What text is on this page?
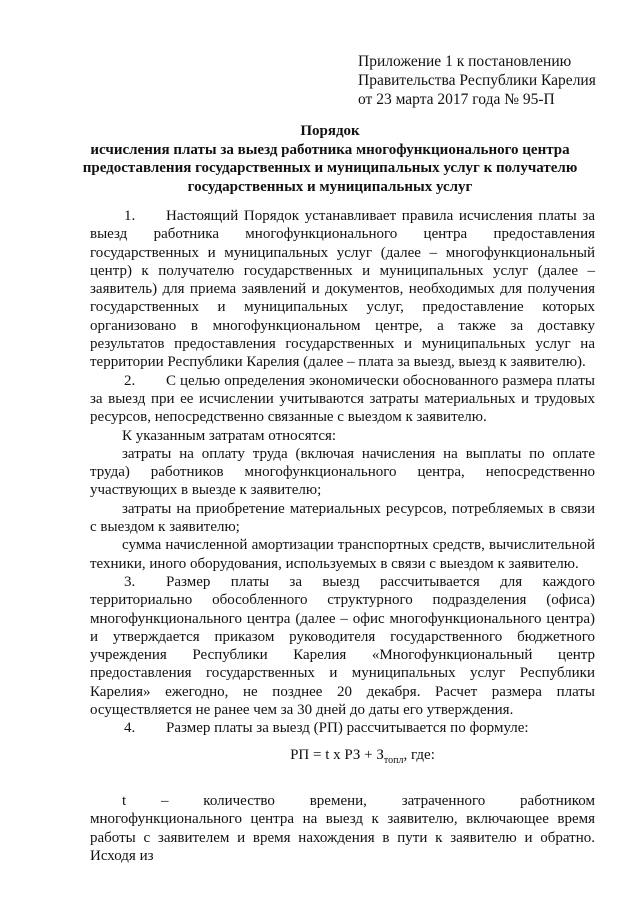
Приложение 1 к постановлению
Правительства Республики Карелия
от 23 марта 2017 года № 95-П
Порядок
исчисления платы за выезд работника многофункционального центра
предоставления государственных и муниципальных услуг к получателю
государственных и муниципальных услуг

1. Настоящий Порядок устанавливает правила исчисления платы за выезд работника многофункционального центра предоставления государственных и муниципальных услуг (далее – многофункциональный центр) к получателю государственных и муниципальных услуг (далее – заявитель) для приема заявлений и документов, необходимых для получения государственных и муниципальных услуг, предоставление которых организовано в многофункциональном центре, а также за доставку результатов предоставления государственных и муниципальных услуг на территории Республики Карелия (далее – плата за выезд, выезд к заявителю).

2. С целью определения экономически обоснованного размера платы за выезд при ее исчислении учитываются затраты материальных и трудовых ресурсов, непосредственно связанные с выездом к заявителю.

К указанным затратам относятся:

затраты на оплату труда (включая начисления на выплаты по оплате труда) работников многофункционального центра, непосредственно участвующих в выезде к заявителю;

затраты на приобретение материальных ресурсов, потребляемых в связи с выездом к заявителю;

сумма начисленной амортизации транспортных средств, вычислительной техники, иного оборудования, используемых в связи с выездом к заявителю.

3. Размер платы за выезд рассчитывается для каждого территориально обособленного структурного подразделения (офиса) многофункционального центра (далее – офис многофункционального центра) и утверждается приказом руководителя государственного бюджетного учреждения Республики Карелия «Многофункциональный центр предоставления государственных и муниципальных услуг Республики Карелия» ежегодно, не позднее 20 декабря. Расчет размера платы осуществляется не ранее чем за 30 дней до даты его утверждения.

4. Размер платы за выезд (РП) рассчитывается по формуле:

РП = t x РЗ + $З_{топл}$, где:

t – количество времени, затраченного работником многофункционального центра на выезд к заявителю, включающее время работы с заявителем и время нахождения в пути к заявителю и обратно. Исходя из
